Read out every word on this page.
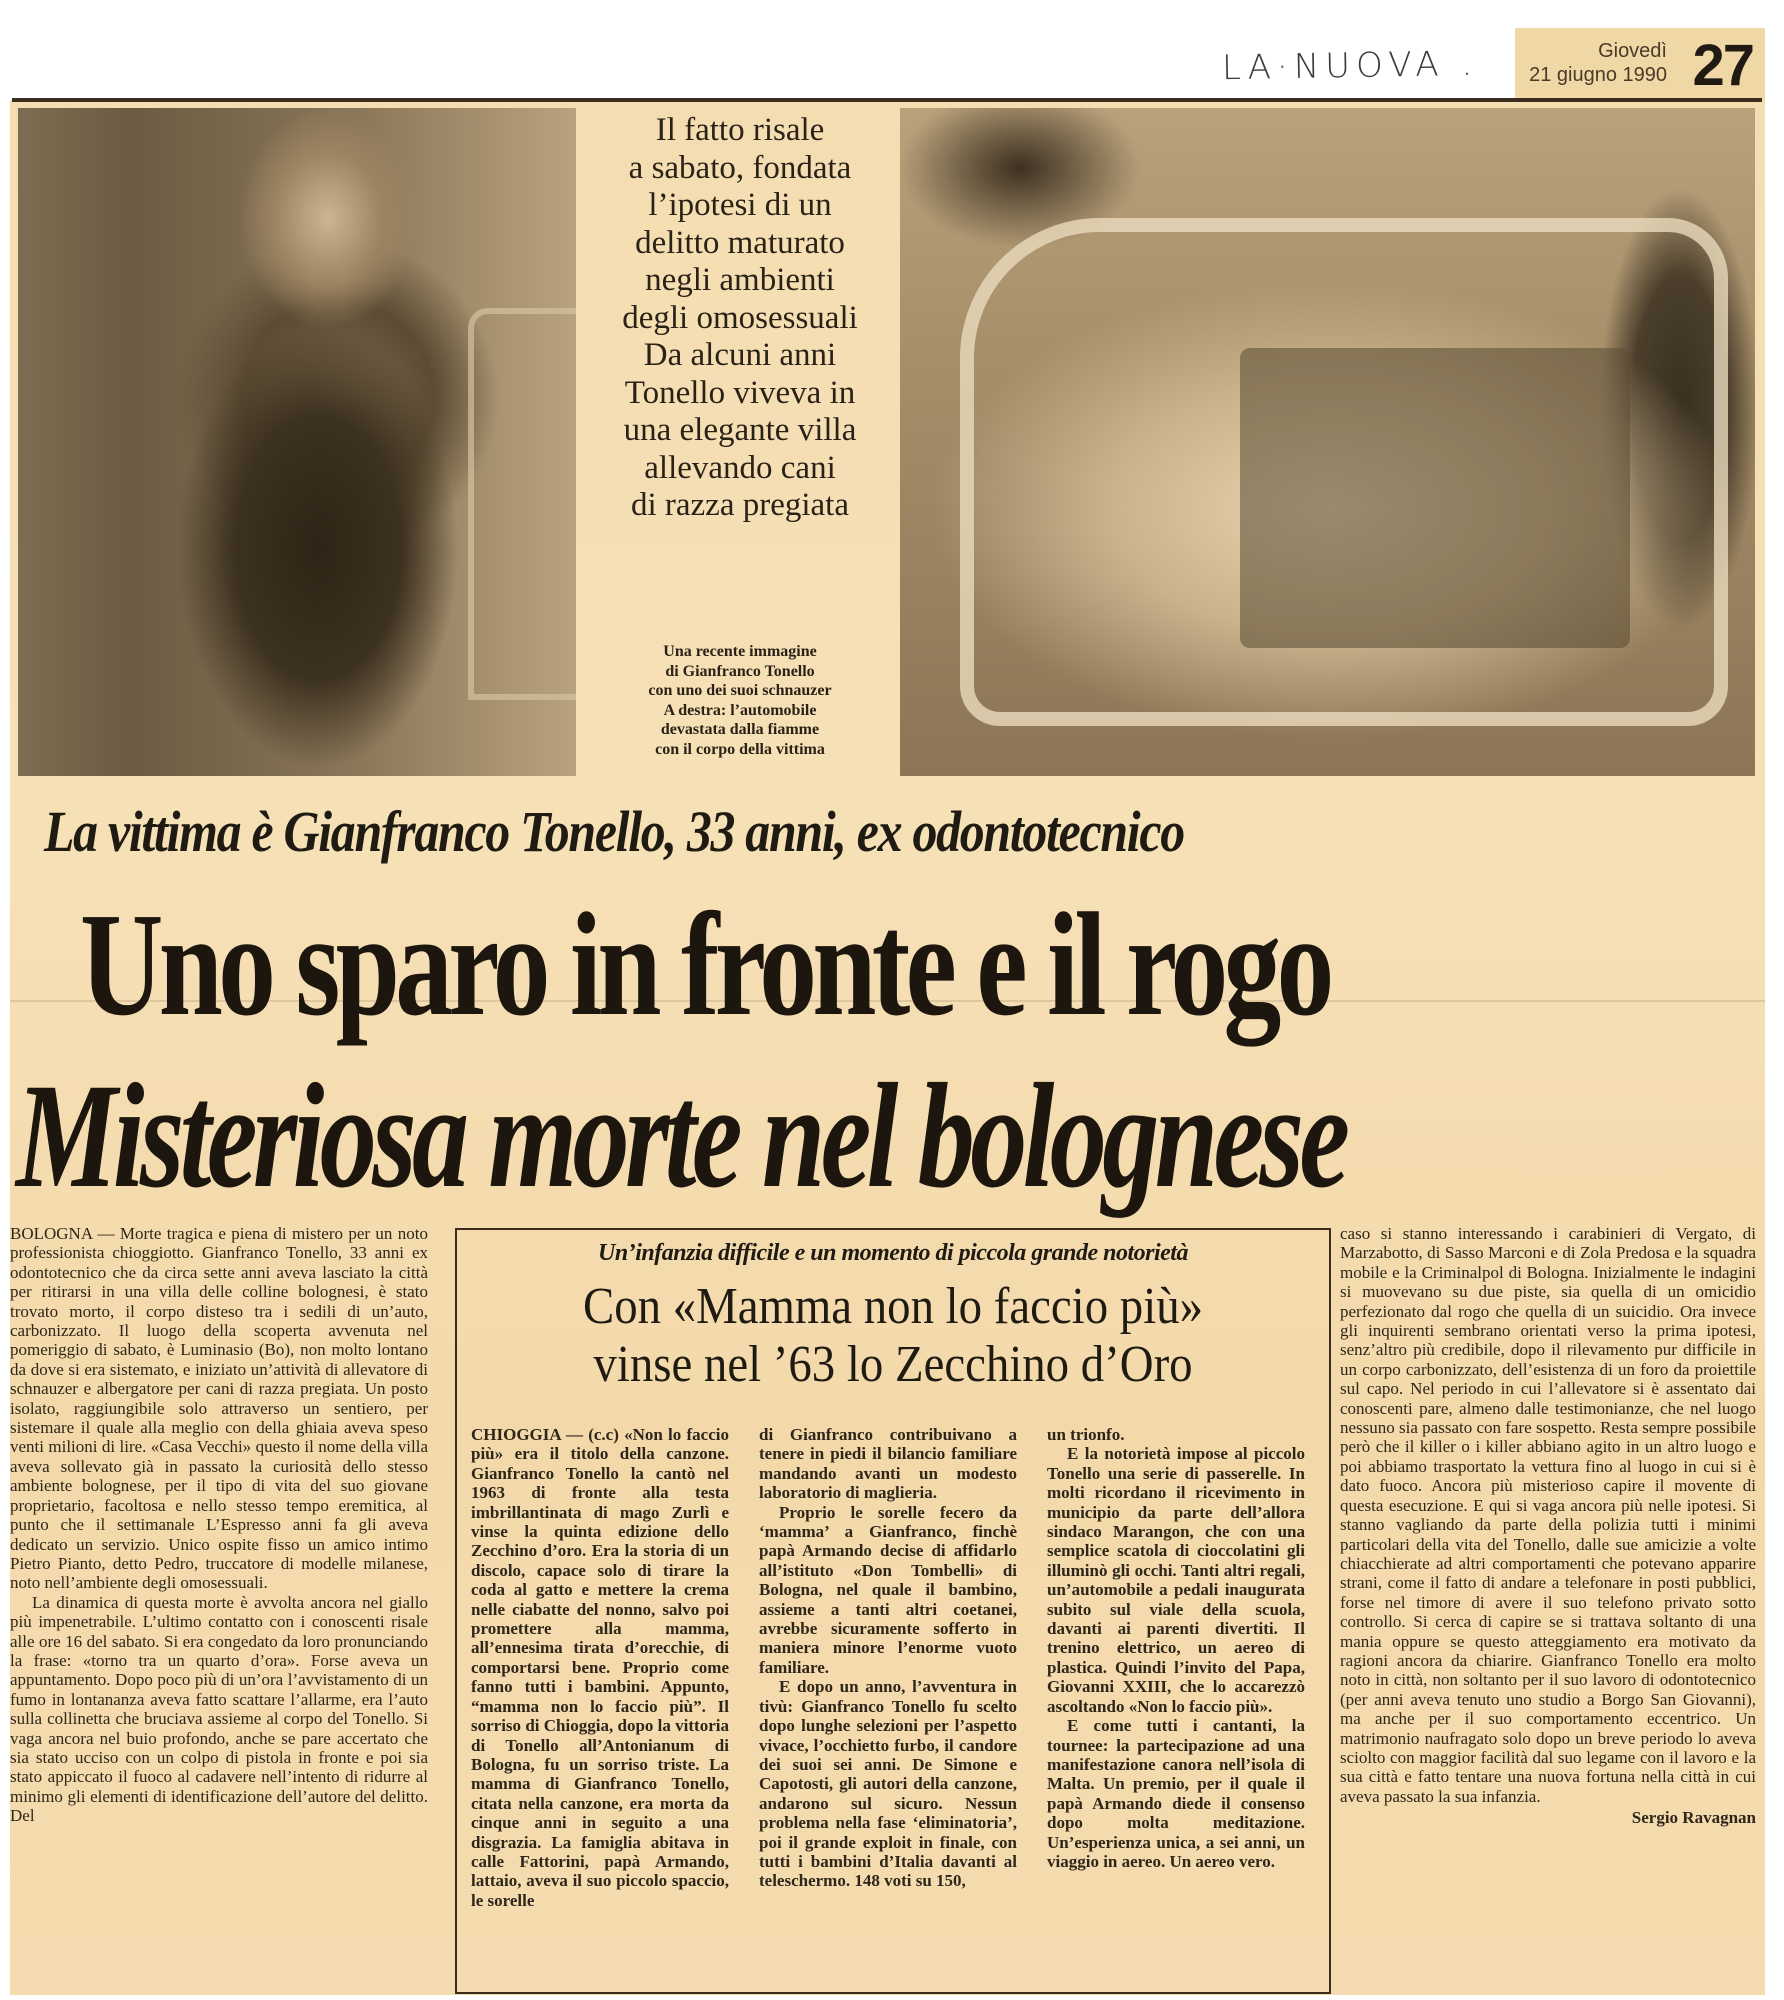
LA·NUOVA .	Giovedì
21 giugno 1990 27
Il fatto risale
a sabato, fondata
l’ipotesi di un
delitto maturato
negli ambienti
degli omosessuali
Da alcuni anni
Tonello viveva in
una elegante villa
allevando cani
di razza pregiata
Una recente immagine
di Gianfranco Tonello
con uno dei suoi schnauzer
A destra: l’automobile
devastata dalla fiamme
con il corpo della vittima
La vittima è Gianfranco Tonello, 33 anni, ex odontotecnico
Uno sparo in fronte e il rogo
Misteriosa morte nel bolognese

BOLOGNA — Morte tragica e piena di mistero per un noto professionista chioggiotto. Gianfranco Tonello, 33 anni ex odontotecnico che da circa sette anni aveva lasciato la città per ritirarsi in una villa delle colline bolognesi, è stato trovato morto, il corpo disteso tra i sedili di un’auto, carbonizzato. Il luogo della scoperta avvenuta nel pomeriggio di sabato, è Luminasio (Bo), non molto lontano da dove si era sistemato, e iniziato un’attività di allevatore di schnauzer e albergatore per cani di razza pregiata. Un posto isolato, raggiungibile solo attraverso un sentiero, per sistemare il quale alla meglio con della ghiaia aveva speso venti milioni di lire. «Casa Vecchi» questo il nome della villa aveva sollevato già in passato la curiosità dello stesso ambiente bolognese, per il tipo di vita del suo giovane proprietario, facoltosa e nello stesso tempo eremitica, al punto che il settimanale L’Espresso anni fa gli aveva dedicato un servizio. Unico ospite fisso un amico intimo Pietro Pianto, detto Pedro, truccatore di modelle milanese, noto nell’ambiente degli omosessuali.

La dinamica di questa morte è avvolta ancora nel giallo più impenetrabile. L’ultimo contatto con i conoscenti risale alle ore 16 del sabato. Si era congedato da loro pronunciando la frase: «torno tra un quarto d’ora». Forse aveva un appuntamento. Dopo poco più di un’ora l’avvistamento di un fumo in lontananza aveva fatto scattare l’allarme, era l’auto sulla collinetta che bruciava assieme al corpo del Tonello. Si vaga ancora nel buio profondo, anche se pare accertato che sia stato ucciso con un colpo di pistola in fronte e poi sia stato appiccato il fuoco al cadavere nell’intento di ridurre al minimo gli elementi di identificazione dell’autore del delitto. Del

Un’infanzia difficile e un momento di piccola grande notorietà
Con «Mamma non lo faccio più»
vinse nel ’63 lo Zecchino d’Oro

CHIOGGIA — (c.c) «Non lo faccio più» era il titolo della canzone. Gianfranco Tonello la cantò nel 1963 di fronte alla testa imbrillantinata di mago Zurlì e vinse la quinta edizione dello Zecchino d’oro. Era la storia di un discolo, capace solo di tirare la coda al gatto e mettere la crema nelle ciabatte del nonno, salvo poi promettere alla mamma, all’ennesima tirata d’orecchie, di comportarsi bene. Proprio come fanno tutti i bambini. Appunto, “mamma non lo faccio più”. Il sorriso di Chioggia, dopo la vittoria di Tonello all’Antonianum di Bologna, fu un sorriso triste. La mamma di Gianfranco Tonello, citata nella canzone, era morta da cinque anni in seguito a una disgrazia. La famiglia abitava in calle Fattorini, papà Armando, lattaio, aveva il suo piccolo spaccio, le sorelle

di Gianfranco contribuivano a tenere in piedi il bilancio familiare mandando avanti un modesto laboratorio di maglieria.

Proprio le sorelle fecero da ‘mamma’ a Gianfranco, finchè papà Armando decise di affidarlo all’istituto «Don Tombelli» di Bologna, nel quale il bambino, assieme a tanti altri coetanei, avrebbe sicuramente sofferto in maniera minore l’enorme vuoto familiare.

E dopo un anno, l’avventura in tivù: Gianfranco Tonello fu scelto dopo lunghe selezioni per l’aspetto vivace, l’occhietto furbo, il candore dei suoi sei anni. De Simone e Capotosti, gli autori della canzone, andarono sul sicuro. Nessun problema nella fase ‘eliminatoria’, poi il grande exploit in finale, con tutti i bambini d’Italia davanti al teleschermo. 148 voti su 150,

un trionfo.

E la notorietà impose al piccolo Tonello una serie di passerelle. In molti ricordano il ricevimento in municipio da parte dell’allora sindaco Marangon, che con una semplice scatola di cioccolatini gli illuminò gli occhi. Tanti altri regali, un’automobile a pedali inaugurata subito sul viale della scuola, davanti ai parenti divertiti. Il trenino elettrico, un aereo di plastica. Quindi l’invito del Papa, Giovanni XXIII, che lo accarezzò ascoltando «Non lo faccio più».

E come tutti i cantanti, la tournee: la partecipazione ad una manifestazione canora nell’isola di Malta. Un premio, per il quale il papà Armando diede il consenso dopo molta meditazione. Un’esperienza unica, a sei anni, un viaggio in aereo. Un aereo vero.

caso si stanno interessando i carabinieri di Vergato, di Marzabotto, di Sasso Marconi e di Zola Predosa e la squadra mobile e la Criminalpol di Bologna. Inizialmente le indagini si muovevano su due piste, sia quella di un omicidio perfezionato dal rogo che quella di un suicidio. Ora invece gli inquirenti sembrano orientati verso la prima ipotesi, senz’altro più credibile, dopo il rilevamento pur difficile in un corpo carbonizzato, dell’esistenza di un foro da proiettile sul capo. Nel periodo in cui l’allevatore si è assentato dai conoscenti pare, almeno dalle testimonianze, che nel luogo nessuno sia passato con fare sospetto. Resta sempre possibile però che il killer o i killer abbiano agito in un altro luogo e poi abbiamo trasportato la vettura fino al luogo in cui si è dato fuoco. Ancora più misterioso capire il movente di questa esecuzione. E qui si vaga ancora più nelle ipotesi. Si stanno vagliando da parte della polizia tutti i minimi particolari della vita del Tonello, dalle sue amicizie a volte chiacchierate ad altri comportamenti che potevano apparire strani, come il fatto di andare a telefonare in posti pubblici, forse nel timore di avere il suo telefono privato sotto controllo. Si cerca di capire se si trattava soltanto di una mania oppure se questo atteggiamento era motivato da ragioni ancora da chiarire. Gianfranco Tonello era molto noto in città, non soltanto per il suo lavoro di odontotecnico (per anni aveva tenuto uno studio a Borgo San Giovanni), ma anche per il suo comportamento eccentrico. Un matrimonio naufragato solo dopo un breve periodo lo aveva sciolto con maggior facilità dal suo legame con il lavoro e la sua città e fatto tentare una nuova fortuna nella città in cui aveva passato la sua infanzia.

Sergio Ravagnan
